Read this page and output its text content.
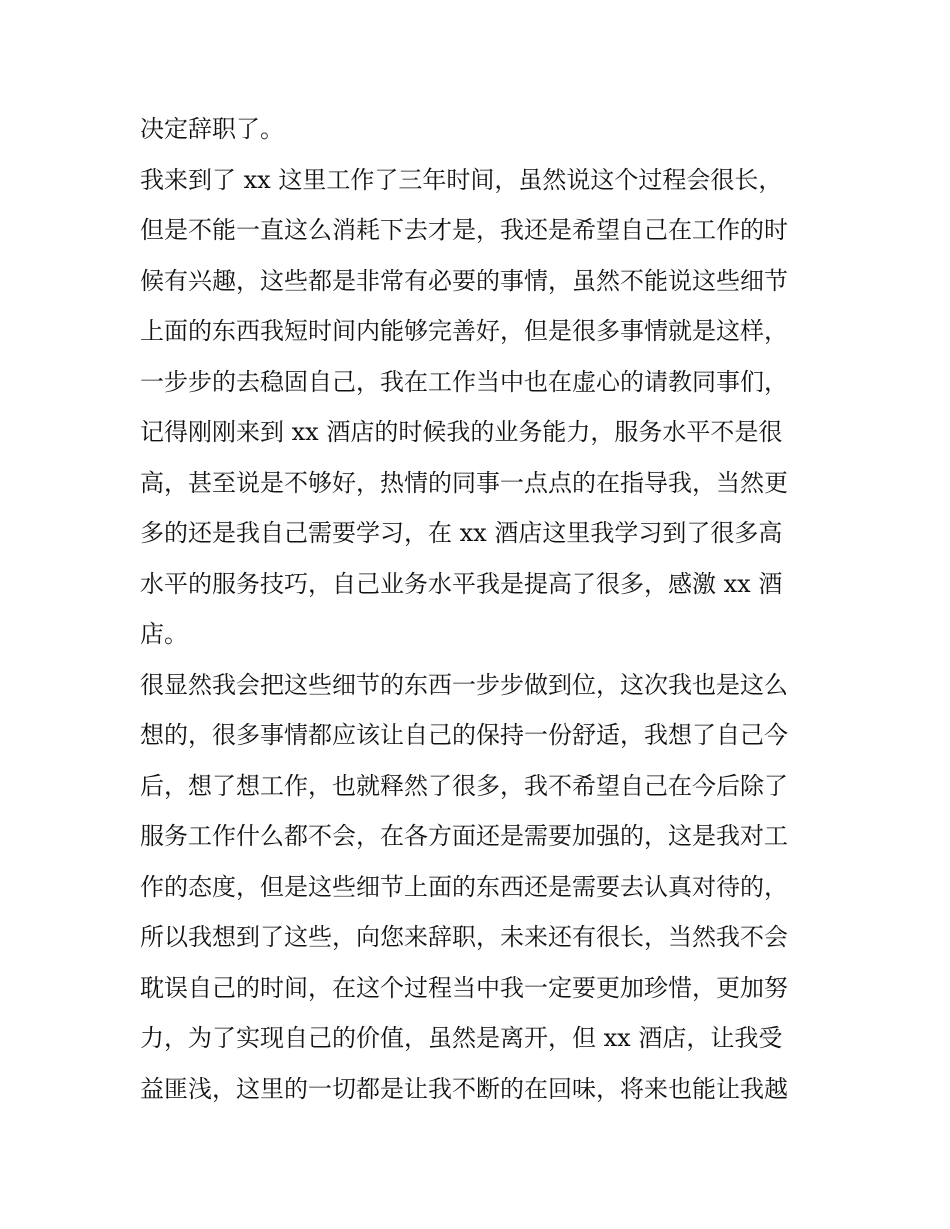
决定辞职了。
我来到了 xx 这里工作了三年时间，虽然说这个过程会很长，
但是不能一直这么消耗下去才是，我还是希望自己在工作的时
候有兴趣，这些都是非常有必要的事情，虽然不能说这些细节
上面的东西我短时间内能够完善好，但是很多事情就是这样，
一步步的去稳固自己，我在工作当中也在虚心的请教同事们，
记得刚刚来到 xx 酒店的时候我的业务能力，服务水平不是很
高，甚至说是不够好，热情的同事一点点的在指导我，当然更
多的还是我自己需要学习，在 xx 酒店这里我学习到了很多高
水平的服务技巧，自己业务水平我是提高了很多，感激 xx 酒
店。
很显然我会把这些细节的东西一步步做到位，这次我也是这么
想的，很多事情都应该让自己的保持一份舒适，我想了自己今
后，想了想工作，也就释然了很多，我不希望自己在今后除了
服务工作什么都不会，在各方面还是需要加强的，这是我对工
作的态度，但是这些细节上面的东西还是需要去认真对待的，
所以我想到了这些，向您来辞职，未来还有很长，当然我不会
耽误自己的时间，在这个过程当中我一定要更加珍惜，更加努
力，为了实现自己的价值，虽然是离开，但 xx 酒店，让我受
益匪浅，这里的一切都是让我不断的在回味，将来也能让我越
